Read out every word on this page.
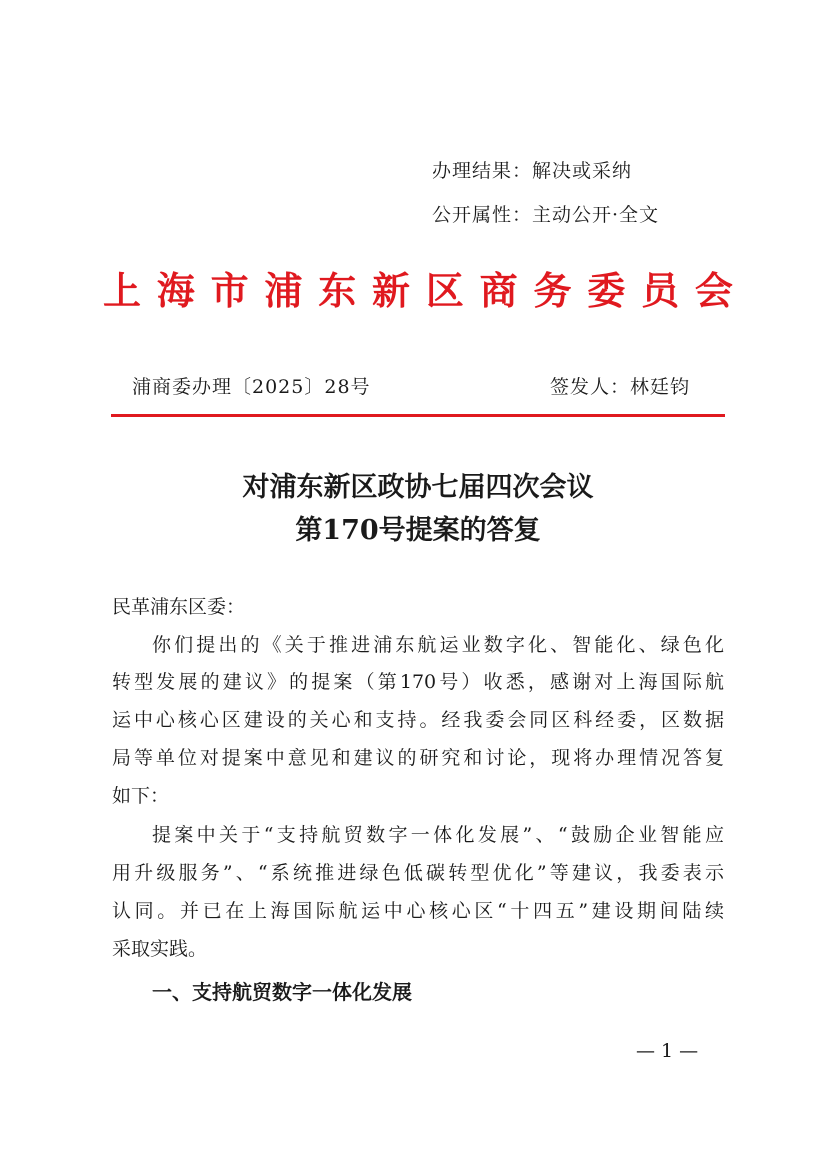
办理结果：解决或采纳
公开属性：主动公开·全文
上 海 市 浦 东 新 区 商 务 委 员 会
浦商委办理〔2025〕28号	签发人：林廷钧
对浦东新区政协七届四次会议
第170号提案的答复
民革浦东区委：
你们提出的《关于推进浦东航运业数字化、智能化、绿色化
转型发展的建议》的提案（第170号）收悉，感谢对上海国际航
运中心核心区建设的关心和支持。经我委会同区科经委，区数据
局等单位对提案中意见和建议的研究和讨论，现将办理情况答复
如下：
提案中关于“支持航贸数字一体化发展”、“鼓励企业智能应
用升级服务”、“系统推进绿色低碳转型优化”等建议，我委表示
认同。并已在上海国际航运中心核心区“十四五”建设期间陆续
采取实践。
一、支持航贸数字一体化发展
— 1 —
